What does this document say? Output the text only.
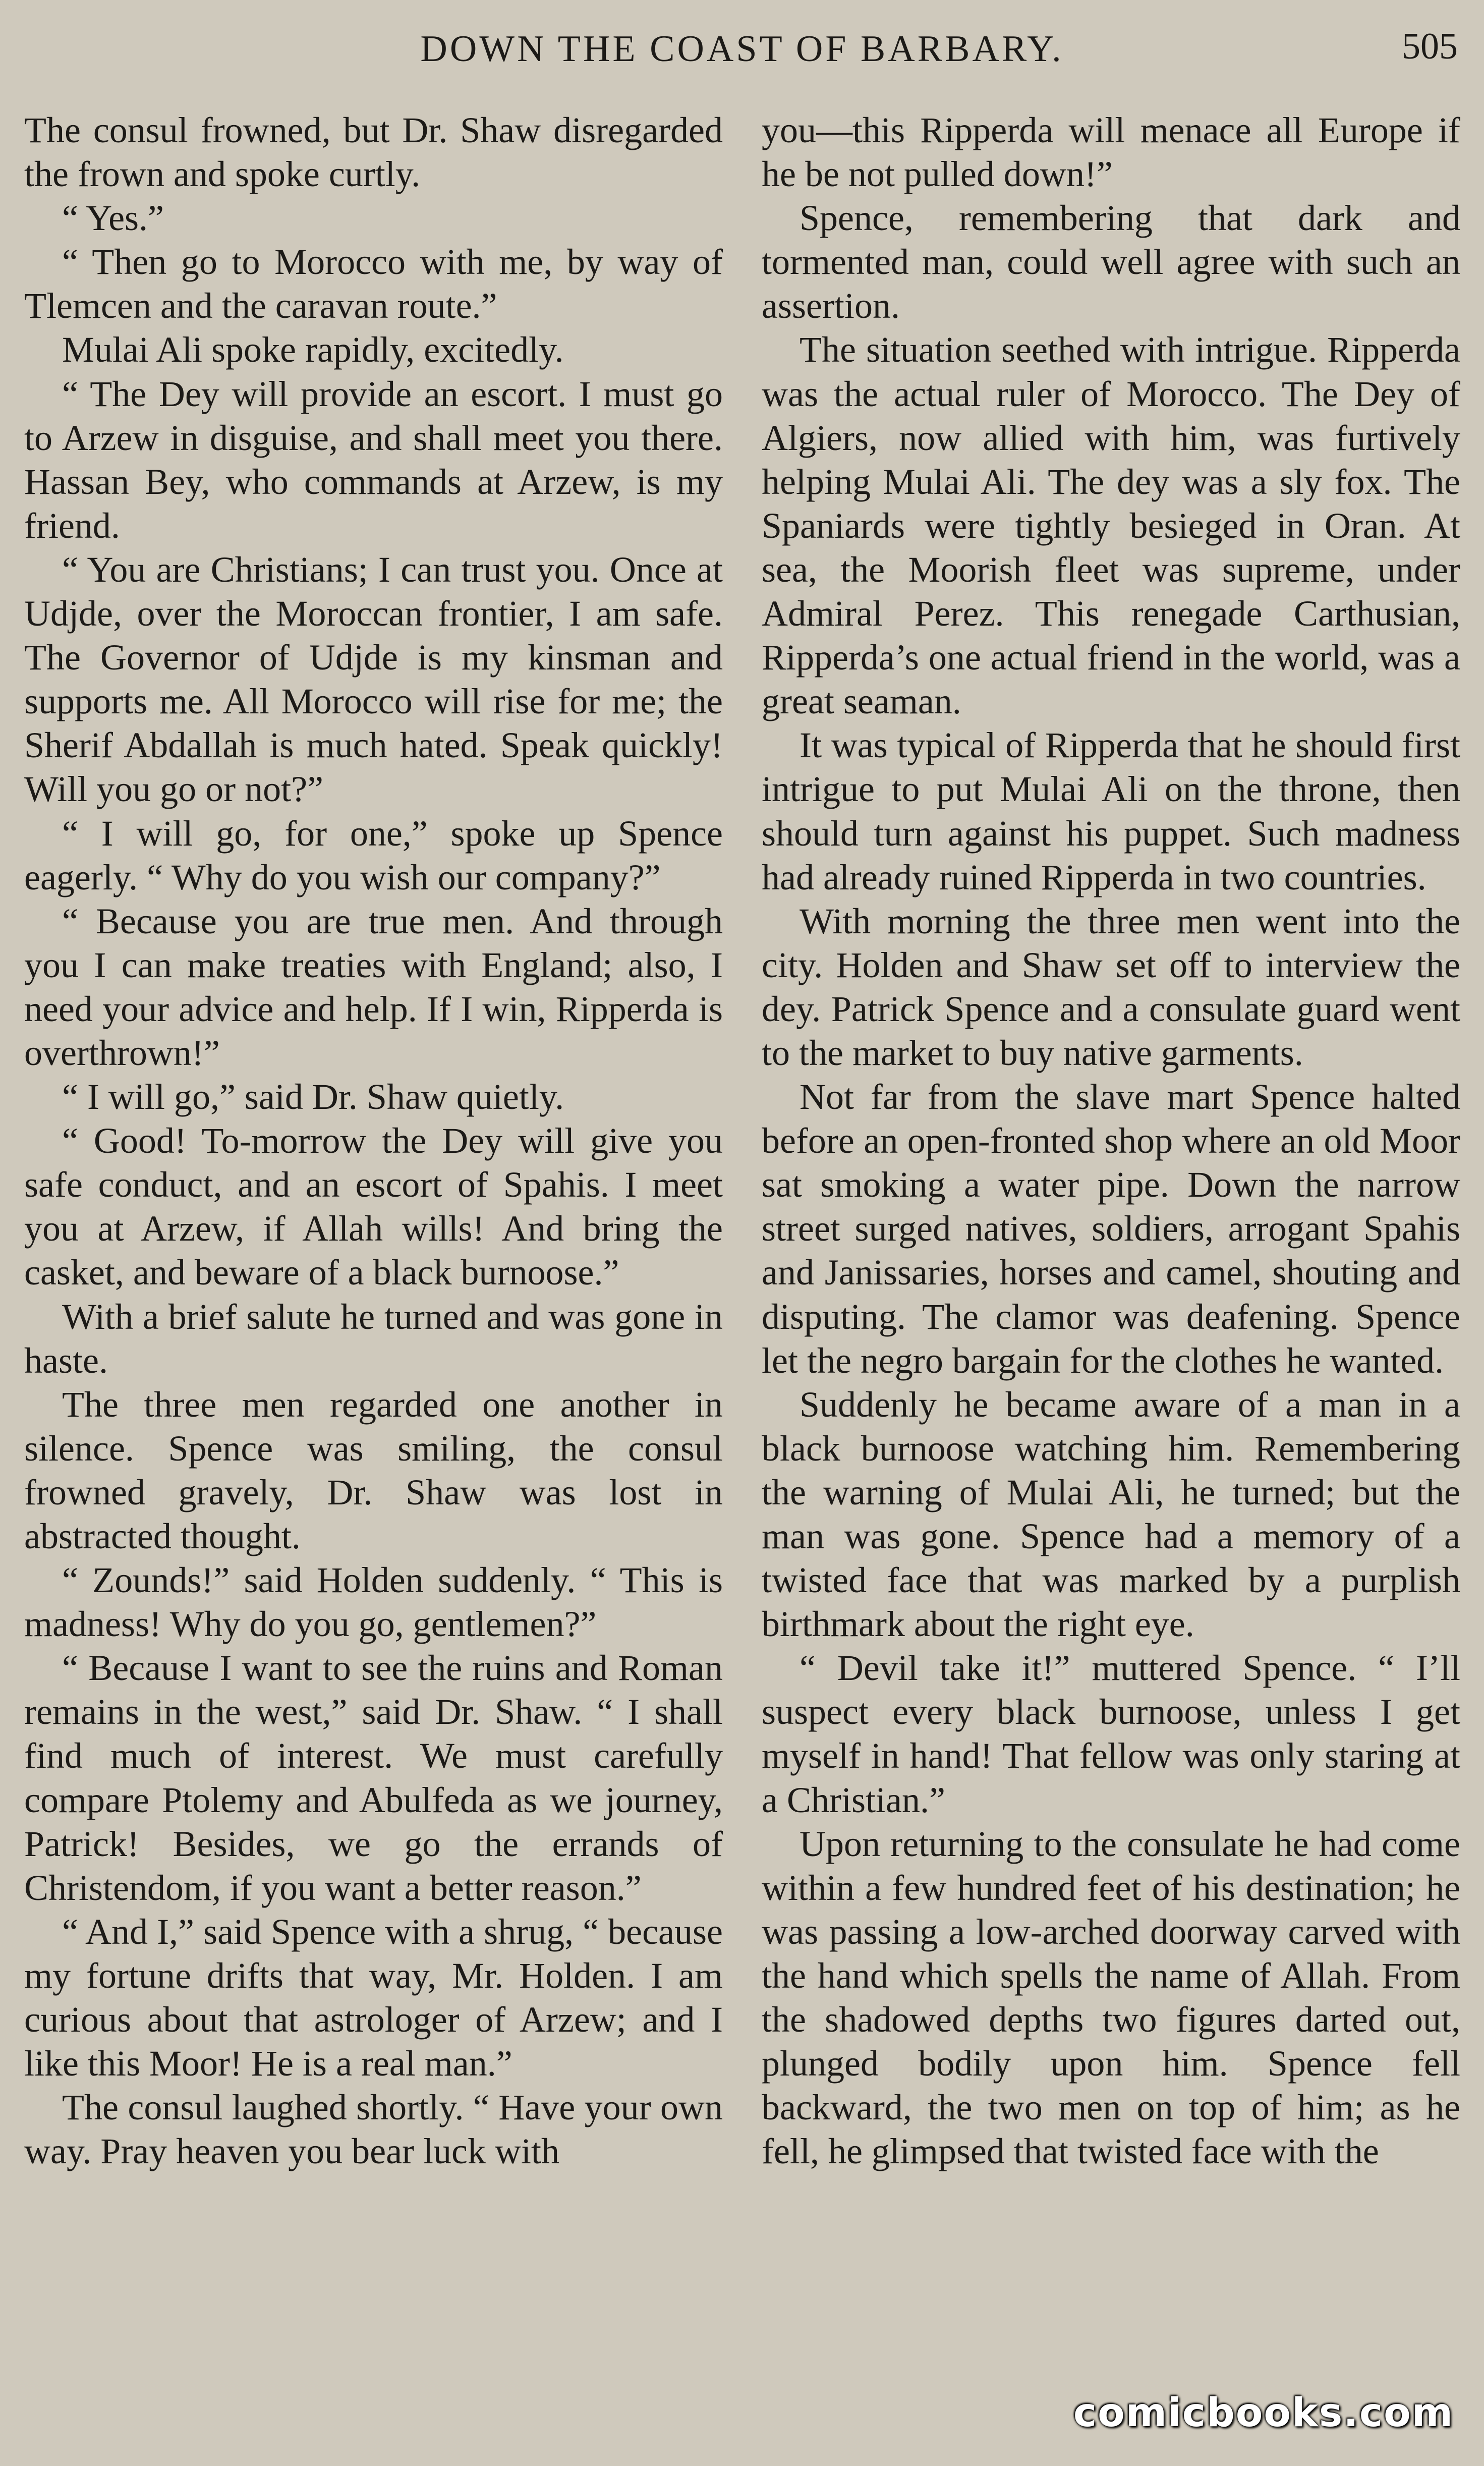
DOWN THE COAST OF BARBARY.	505

The consul frowned, but Dr. Shaw disregarded the frown and spoke curtly.

“ Yes.”

“ Then go to Morocco with me, by way of Tlemcen and the caravan route.”

Mulai Ali spoke rapidly, excitedly.

“ The Dey will provide an escort. I must go to Arzew in disguise, and shall meet you there. Hassan Bey, who commands at Arzew, is my friend.

“ You are Christians; I can trust you. Once at Udjde, over the Moroccan frontier, I am safe. The Governor of Udjde is my kinsman and supports me. All Morocco will rise for me; the Sherif Abdallah is much hated. Speak quickly! Will you go or not?”

“ I will go, for one,” spoke up Spence eagerly. “ Why do you wish our company?”

“ Because you are true men. And through you I can make treaties with England; also, I need your advice and help. If I win, Ripperda is overthrown!”

“ I will go,” said Dr. Shaw quietly.

“ Good! To-morrow the Dey will give you safe conduct, and an escort of Spahis. I meet you at Arzew, if Allah wills! And bring the casket, and beware of a black burnoose.”

With a brief salute he turned and was gone in haste.

The three men regarded one another in silence. Spence was smiling, the consul frowned gravely, Dr. Shaw was lost in abstracted thought.

“ Zounds!” said Holden suddenly. “ This is madness! Why do you go, gentlemen?”

“ Because I want to see the ruins and Roman remains in the west,” said Dr. Shaw. “ I shall find much of interest. We must carefully compare Ptolemy and Abulfeda as we journey, Patrick! Besides, we go the errands of Christendom, if you want a better reason.”

“ And I,” said Spence with a shrug, “ because my fortune drifts that way, Mr. Holden. I am curious about that astrologer of Arzew; and I like this Moor! He is a real man.”

The consul laughed shortly. “ Have your own way. Pray heaven you bear luck with

you—this Ripperda will menace all Europe if he be not pulled down!”

Spence, remembering that dark and tormented man, could well agree with such an assertion.

The situation seethed with intrigue. Ripperda was the actual ruler of Morocco. The Dey of Algiers, now allied with him, was furtively helping Mulai Ali. The dey was a sly fox. The Spaniards were tightly besieged in Oran. At sea, the Moorish fleet was supreme, under Admiral Perez. This renegade Carthusian, Ripperda’s one actual friend in the world, was a great seaman.

It was typical of Ripperda that he should first intrigue to put Mulai Ali on the throne, then should turn against his puppet. Such madness had already ruined Ripperda in two countries.

With morning the three men went into the city. Holden and Shaw set off to interview the dey. Patrick Spence and a consulate guard went to the market to buy native garments.

Not far from the slave mart Spence halted before an open-fronted shop where an old Moor sat smoking a water pipe. Down the narrow street surged natives, soldiers, arrogant Spahis and Janissaries, horses and camel, shouting and disputing. The clamor was deafening. Spence let the negro bargain for the clothes he wanted.

Suddenly he became aware of a man in a black burnoose watching him. Remembering the warning of Mulai Ali, he turned; but the man was gone. Spence had a memory of a twisted face that was marked by a purplish birthmark about the right eye.

“ Devil take it!” muttered Spence. “ I’ll suspect every black burnoose, unless I get myself in hand! That fellow was only staring at a Christian.”

Upon returning to the consulate he had come within a few hundred feet of his destination; he was passing a low-arched doorway carved with the hand which spells the name of Allah. From the shadowed depths two figures darted out, plunged bodily upon him. Spence fell backward, the two men on top of him; as he fell, he glimpsed that twisted face with the

comicbooks.com
